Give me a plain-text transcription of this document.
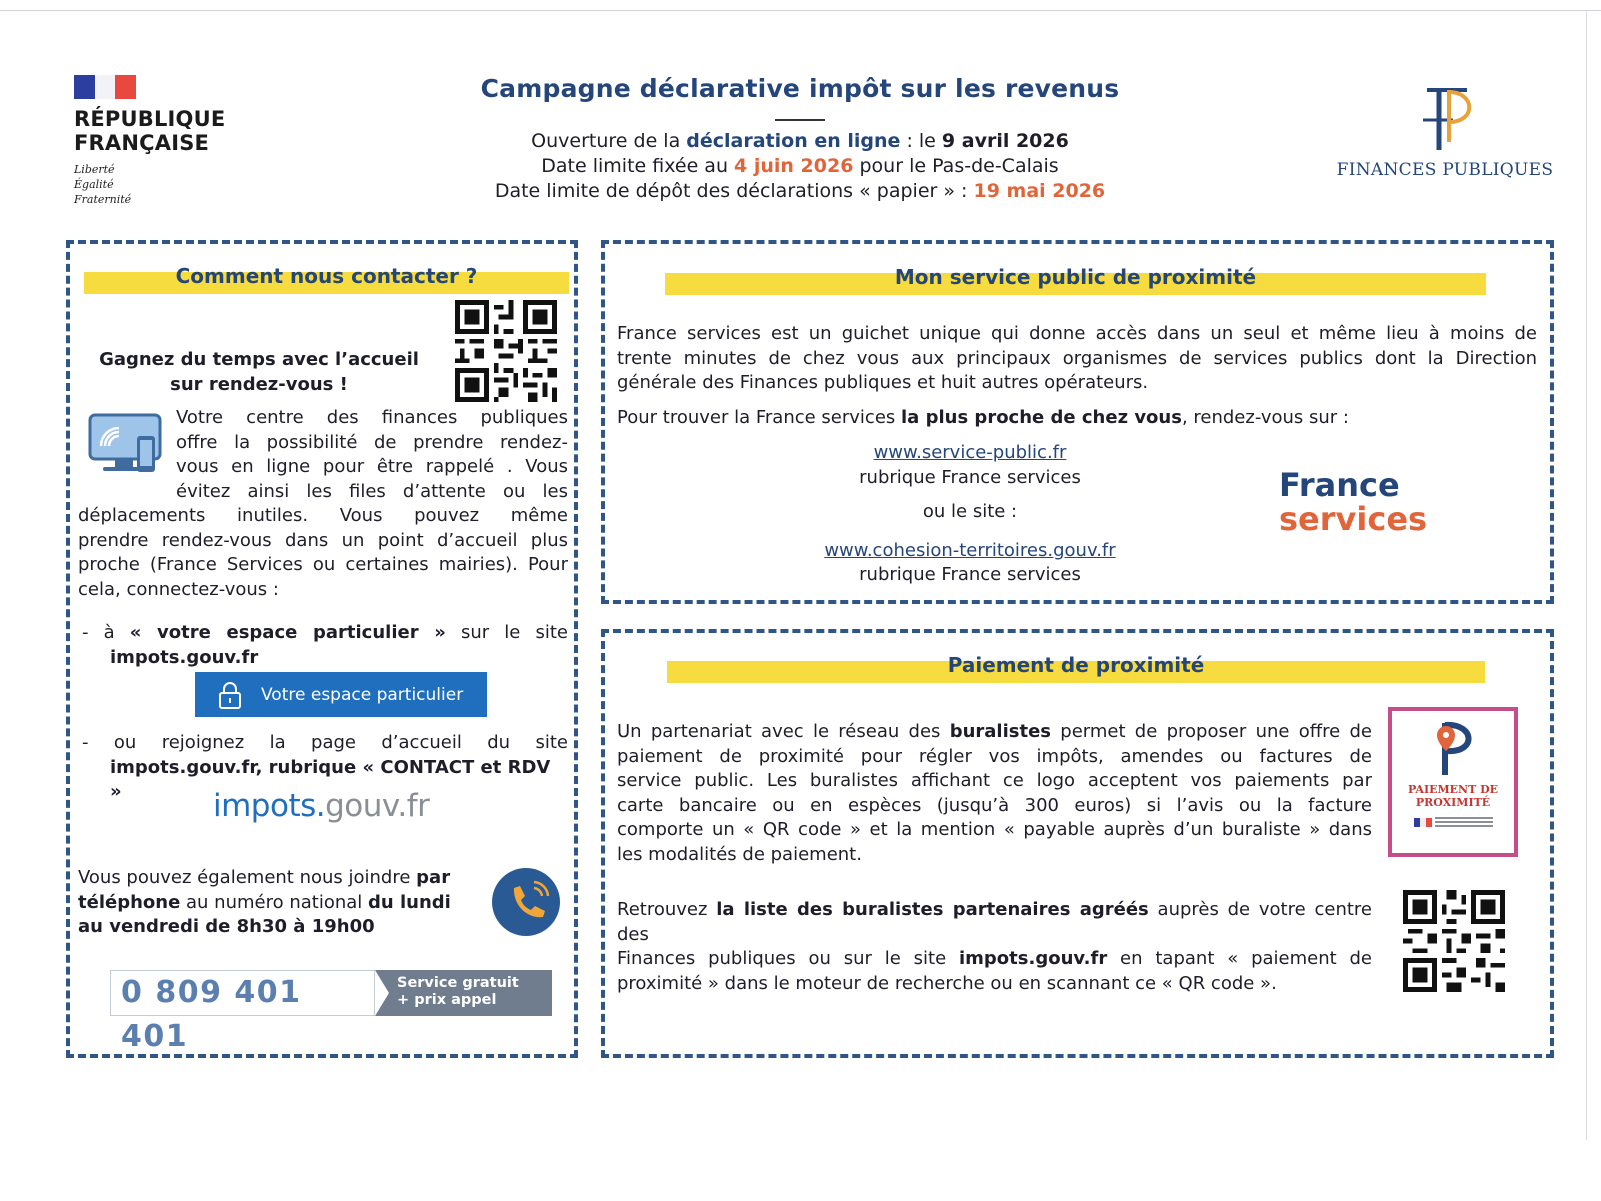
RÉPUBLIQUE
FRANÇAISE
Liberté
Égalité
Fraternité
Campagne déclarative impôt sur les revenus
Ouverture de la déclaration en ligne : le 9 avril 2026
Date limite fixée au 4 juin 2026 pour le Pas-de-Calais
Date limite de dépôt des déclarations « papier » : 19 mai 2026
FINANCES PUBLIQUES
Comment nous contacter ?
Gagnez du temps avec l’accueil
sur rendez-vous !
Votre centre des finances publiques
offre la possibilité de prendre rendez-
vous en ligne pour être rappelé . Vous
évitez ainsi les files d’attente ou les
déplacements inutiles. Vous pouvez même
prendre rendez-vous dans un point d’accueil plus
proche (France Services ou certaines mairies). Pour
cela, connectez-vous :
- à « votre espace particulier » sur le site
impots.gouv.fr
Votre espace particulier
- ou rejoignez la page d’accueil du site
impots.gouv.fr, rubrique « CONTACT et RDV »	impots.gouv.fr
Vous pouvez également nous joindre par
téléphone au numéro national du lundi
au vendredi de 8h30 à 19h00
0 809 401 401
Service gratuit
+ prix appel
Mon service public de proximité
France services est un guichet unique qui donne accès dans un seul et même lieu à moins de
trente minutes de chez vous aux principaux organismes de services publics dont la Direction
générale des Finances publiques et huit autres opérateurs.
Pour trouver la France services la plus proche de chez vous, rendez-vous sur :
www.service-public.fr
rubrique France services
ou le site :
www.cohesion-territoires.gouv.fr
rubrique France services
France
services
Paiement de proximité
Un partenariat avec le réseau des buralistes permet de proposer une offre de
paiement de proximité pour régler vos impôts, amendes ou factures de
service public. Les buralistes affichant ce logo acceptent vos paiements par
carte bancaire ou en espèces (jusqu’à 300 euros) si l’avis ou la facture
comporte un « QR code » et la mention « payable auprès d’un buraliste » dans
les modalités de paiement.
PAIEMENT DE
PROXIMITÉ
Retrouvez la liste des buralistes partenaires agréés auprès de votre centre des
Finances publiques ou sur le site impots.gouv.fr en tapant « paiement de
proximité » dans le moteur de recherche ou en scannant ce « QR code ».
